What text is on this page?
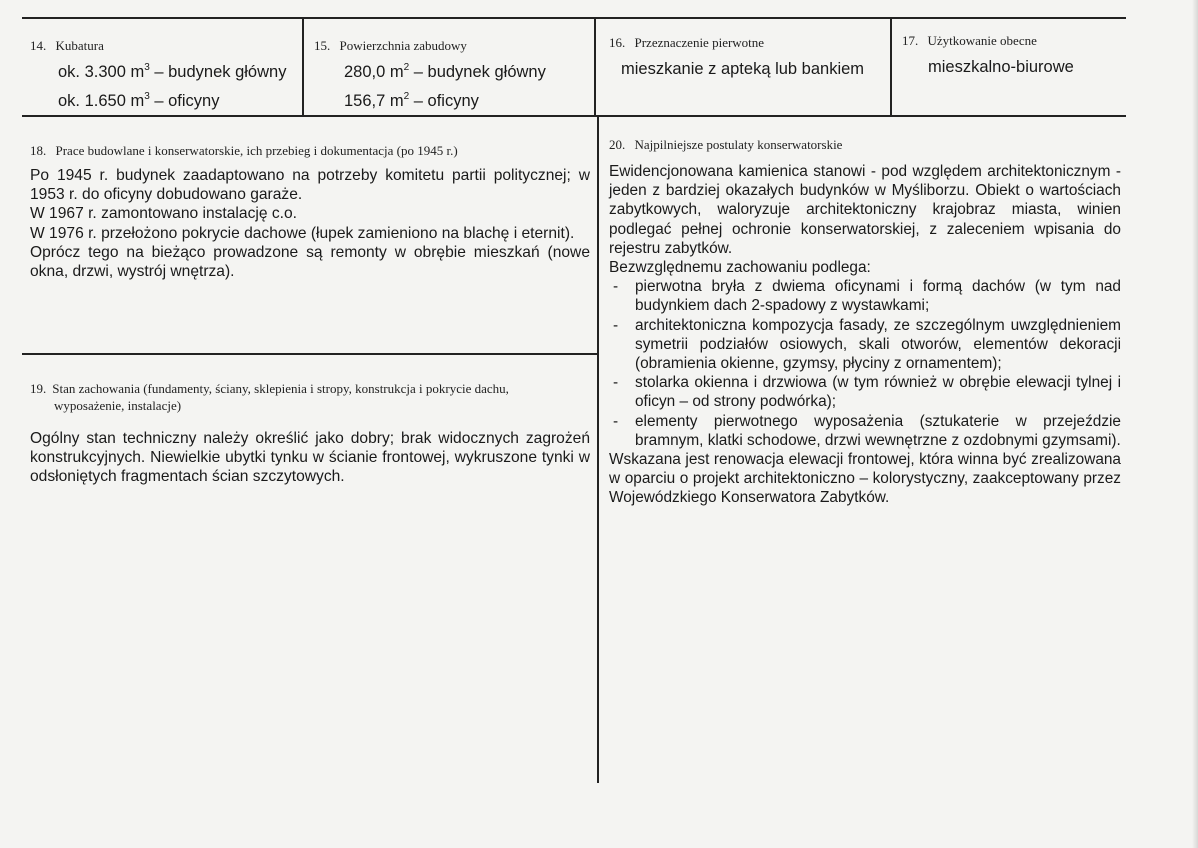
14. Kubatura
ok. 3.300 $m^3$ – budynek główny
ok. 1.650 $m^3$ – oficyny
15. Powierzchnia zabudowy
280,0 $m^2$ – budynek główny
156,7 $m^2$ – oficyny
16. Przeznaczenie pierwotne
mieszkanie z apteką lub bankiem
17. Użytkowanie obecne
mieszkalno-biurowe
18. Prace budowlane i konserwatorskie, ich przebieg i dokumentacja (po 1945 r.)
Po 1945 r. budynek zaadaptowano na potrzeby komitetu partii politycznej; w 1953 r. do oficyny dobudowano garaże.
W 1967 r. zamontowano instalację c.o.
W 1976 r. przełożono pokrycie dachowe (łupek zamieniono na blachę i eternit).
Oprócz tego na bieżąco prowadzone są remonty w obrębie mieszkań (nowe okna, drzwi, wystrój wnętrza).
19. Stan zachowania (fundamenty, ściany, sklepienia i stropy, konstrukcja i pokrycie dachu,
wyposażenie, instalacje)
Ogólny stan techniczny należy określić jako dobry; brak widocznych zagrożeń konstrukcyjnych. Niewielkie ubytki tynku w ścianie frontowej, wykruszone tynki w odsłoniętych fragmentach ścian szczytowych.
20. Najpilniejsze postulaty konserwatorskie
Ewidencjonowana kamienica stanowi - pod względem architektonicznym - jeden z bardziej okazałych budynków w Myśliborzu. Obiekt o wartościach zabytkowych, waloryzuje architektoniczny krajobraz miasta, winien podlegać pełnej ochronie konserwatorskiej, z zaleceniem wpisania do rejestru zabytków.
Bezwzględnemu zachowaniu podlega:
- pierwotna bryła z dwiema oficynami i formą dachów (w tym nad budynkiem dach 2-spadowy z wystawkami;
- architektoniczna kompozycja fasady, ze szczególnym uwzględnieniem symetrii podziałów osiowych, skali otworów, elementów dekoracji (obramienia okienne, gzymsy, płyciny z ornamentem);
- stolarka okienna i drzwiowa (w tym również w obrębie elewacji tylnej i oficyn – od strony podwórka);
- elementy pierwotnego wyposażenia (sztukaterie w przejeździe bramnym, klatki schodowe, drzwi wewnętrzne z ozdobnymi gzymsami).
Wskazana jest renowacja elewacji frontowej, która winna być zrealizowana w oparciu o projekt architektoniczno – kolorystyczny, zaakceptowany przez Wojewódzkiego Konserwatora Zabytków.
